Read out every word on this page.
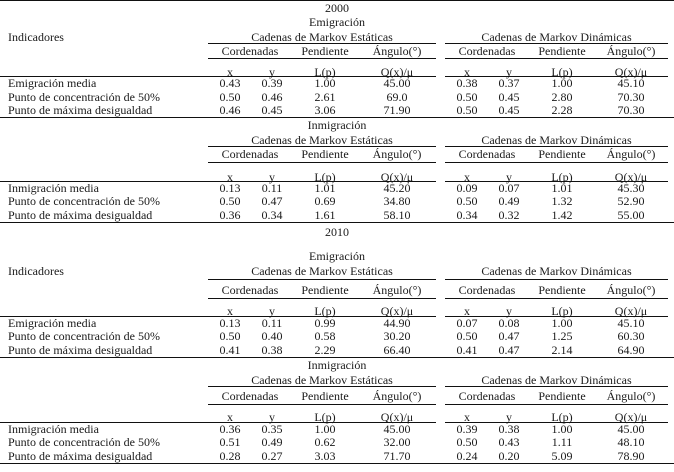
2000
Emigración
Indicadores	Cadenas de Markov Estáticas	Cadenas de Markov Dinámicas
Cordenadas	Pendiente	Ángulo(°)	Cordenadas	Pendiente	Ángulo(°)
x	y	L(p)	Q(x)/μ	x	y	L(p)	Q(x)/μ
Emigración media	0.43	0.39	1.00	45.00	0.38	0.37	1.00	45.10
Punto de concentración de 50%	0.50	0.46	2.61	69.0	0.50	0.45	2.80	70.30
Punto de máxima desigualdad	0.46	0.45	3.06	71.90	0.50	0.45	2.28	70.30
Inmigración
Cadenas de Markov Estáticas	Cadenas de Markov Dinámicas
Cordenadas	Pendiente	Ángulo(°)	Cordenadas	Pendiente	Ángulo(°)
x	y	L(p)	Q(x)/μ	x	y	L(p)	Q(x)/μ
Inmigración media	0.13	0.11	1.01	45.20	0.09	0.07	1.01	45.30
Punto de concentración de 50%	0.50	0.47	0.69	34.80	0.50	0.49	1.32	52.90
Punto de máxima desigualdad	0.36	0.34	1.61	58.10	0.34	0.32	1.42	55.00
2010
Emigración
Indicadores	Cadenas de Markov Estáticas	Cadenas de Markov Dinámicas
Cordenadas	Pendiente	Ángulo(°)	Cordenadas	Pendiente	Ángulo(°)
x	y	L(p)	Q(x)/μ	x	y	L(p)	Q(x)/μ
Emigración media	0.13	0.11	0.99	44.90	0.07	0.08	1.00	45.10
Punto de concentración de 50%	0.50	0.40	0.58	30.20	0.50	0.47	1.25	60.30
Punto de máxima desigualdad	0.41	0.38	2.29	66.40	0.41	0.47	2.14	64.90
Inmigración
Cadenas de Markov Estáticas	Cadenas de Markov Dinámicas
Cordenadas	Pendiente	Ángulo(°)	Cordenadas	Pendiente	Ángulo(°)
x	y	L(p)	Q(x)/μ	x	y	L(p)	Q(x)/μ
Inmigración media	0.36	0.35	1.00	45.00	0.39	0.38	1.00	45.00
Punto de concentración de 50%	0.51	0.49	0.62	32.00	0.50	0.43	1.11	48.10
Punto de máxima desigualdad	0.28	0.27	3.03	71.70	0.24	0.20	5.09	78.90
